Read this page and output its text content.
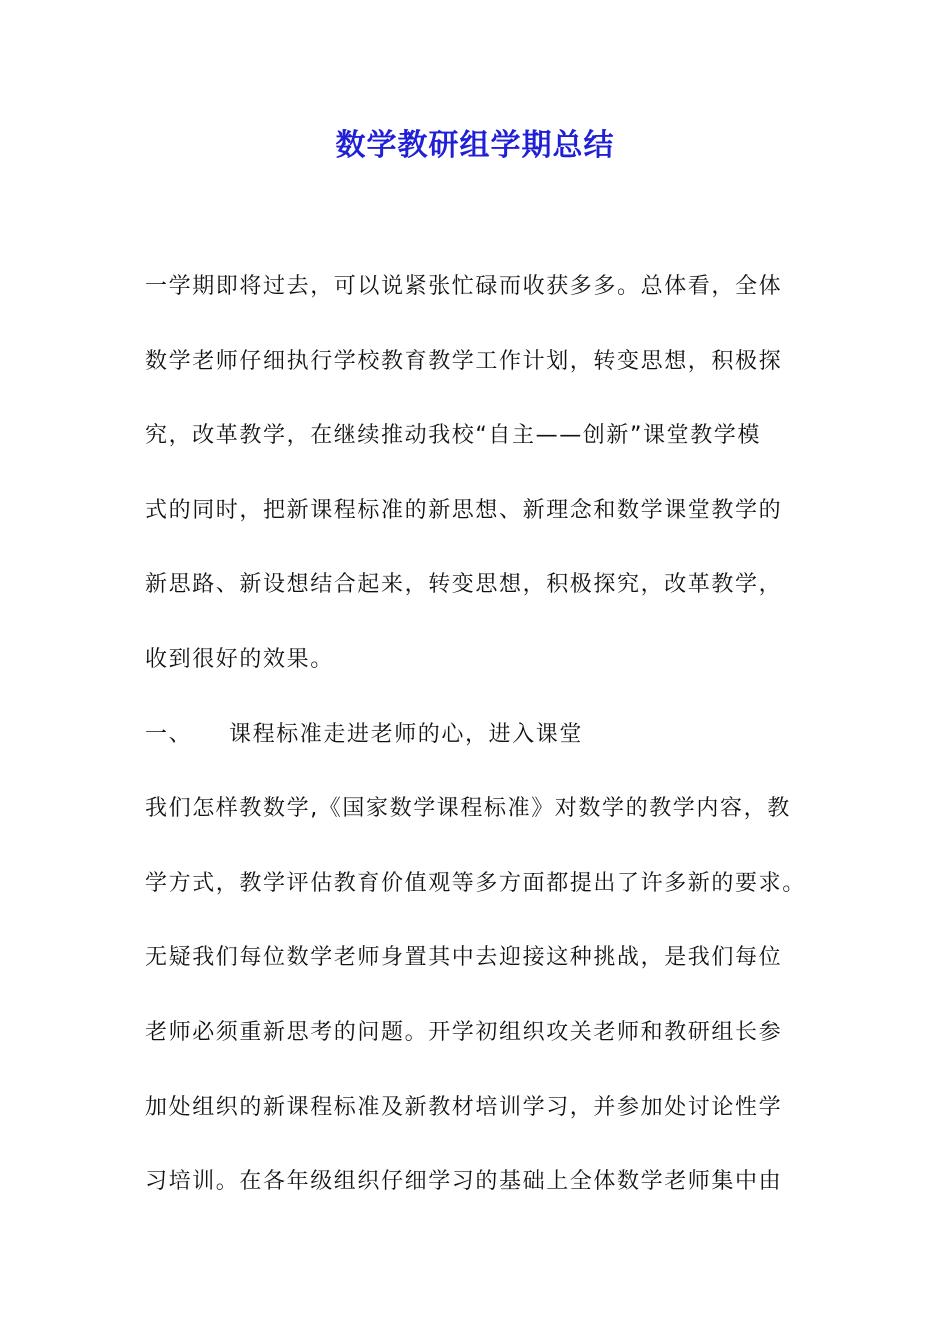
数学教研组学期总结
一学期即将过去，可以说紧张忙碌而收获多多。总体看，全体
数学老师仔细执行学校教育教学工作计划，转变思想，积极探
究，改革教学，在继续推动我校“自主——创新”课堂教学模
式的同时，把新课程标准的新思想、新理念和数学课堂教学的
新思路、新设想结合起来，转变思想，积极探究，改革教学，
收到很好的效果。
一、 课程标准走进老师的心，进入课堂
我们怎样教数学,《国家数学课程标准》对数学的教学内容，教
学方式，教学评估教育价值观等多方面都提出了许多新的要求。
无疑我们每位数学老师身置其中去迎接这种挑战，是我们每位
老师必须重新思考的问题。开学初组织攻关老师和教研组长参
加处组织的新课程标准及新教材培训学习，并参加处讨论性学
习培训。在各年级组织仔细学习的基础上全体数学老师集中由
